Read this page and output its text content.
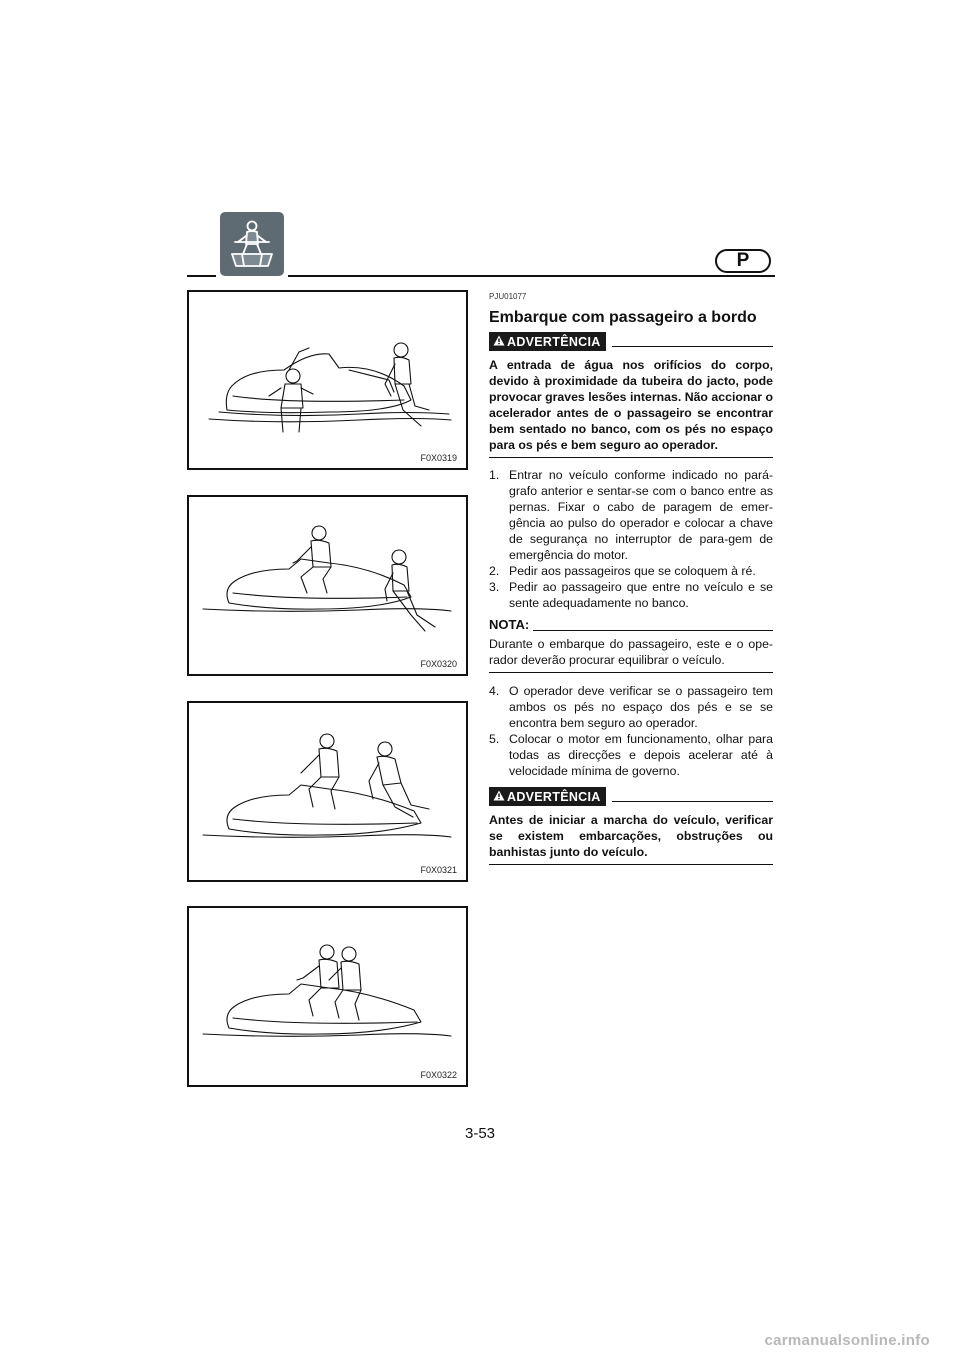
P
F0X0319
F0X0320
F0X0321
F0X0322

PJU01077

Embarque com passageiro a bordo
ADVERTÊNCIA

A entrada de água nos orifícios do corpo, devido à proximidade da tubeira do jacto, pode provocar graves lesões internas. Não accionar o acelerador antes de o passageiro se encontrar bem sentado no banco, com os pés no espaço para os pés e bem seguro ao operador.

1. Entrar no veículo conforme indicado no pará-grafo anterior e sentar-se com o banco entre as pernas. Fixar o cabo de paragem de emer-gência ao pulso do operador e colocar a chave de segurança no interruptor de para-gem de emergência do motor.
2. Pedir aos passageiros que se coloquem à ré.
3. Pedir ao passageiro que entre no veículo e se sente adequadamente no banco.
NOTA:

Durante o embarque do passageiro, este e o ope-rador deverão procurar equilibrar o veículo.

4. O operador deve verificar se o passageiro tem ambos os pés no espaço dos pés e se se encontra bem seguro ao operador.
5. Colocar o motor em funcionamento, olhar para todas as direcções e depois acelerar até à velocidade mínima de governo.
ADVERTÊNCIA

Antes de iniciar a marcha do veículo, verificar se existem embarcações, obstruções ou banhistas junto do veículo.

3-53
carmanualsonline.info
